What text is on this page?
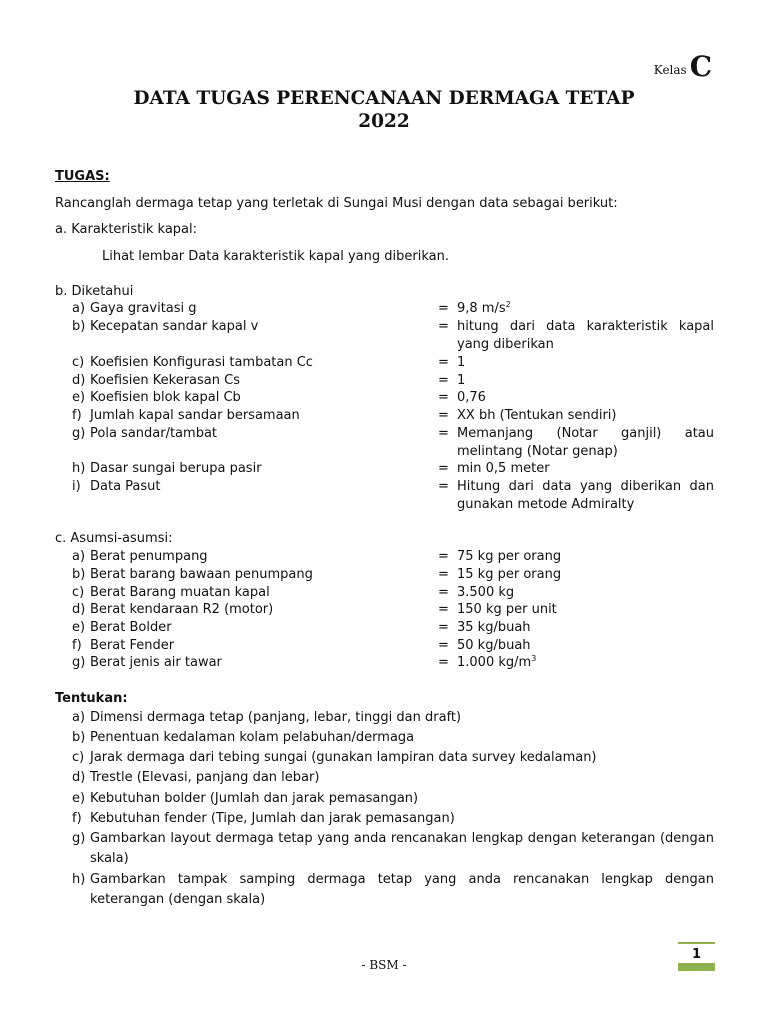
Kelas C
DATA TUGAS PERENCANAAN DERMAGA TETAP
2022
TUGAS:
Rancanglah dermaga tetap yang terletak di Sungai Musi dengan data sebagai berikut:
a. Karakteristik kapal:
Lihat lembar Data karakteristik kapal yang diberikan.
b. Diketahui
a) Gaya gravitasi g	= 9,8 $m/s^2$
b) Kecepatan sandar kapal v	= hitung dari data karakteristik kapal yang diberikan
c) Koefisien Konfigurasi tambatan Cc	= 1
d) Koefisien Kekerasan Cs	= 1
e) Koefisien blok kapal Cb	= 0,76
f) Jumlah kapal sandar bersamaan	= XX bh (Tentukan sendiri)
g) Pola sandar/tambat	= Memanjang (Notar ganjil) atau melintang (Notar genap)
h) Dasar sungai berupa pasir	= min 0,5 meter
i) Data Pasut	= Hitung dari data yang diberikan dan gunakan metode Admiralty
c. Asumsi-asumsi:
a) Berat penumpang	= 75 kg per orang
b) Berat barang bawaan penumpang	= 15 kg per orang
c) Berat Barang muatan kapal	= 3.500 kg
d) Berat kendaraan R2 (motor)	= 150 kg per unit
e) Berat Bolder	= 35 kg/buah
f) Berat Fender	= 50 kg/buah
g) Berat jenis air tawar	= 1.000 $kg/m^3$
Tentukan:
a) Dimensi dermaga tetap (panjang, lebar, tinggi dan draft)
b) Penentuan kedalaman kolam pelabuhan/dermaga
c) Jarak dermaga dari tebing sungai (gunakan lampiran data survey kedalaman)
d) Trestle (Elevasi, panjang dan lebar)
e) Kebutuhan bolder (Jumlah dan jarak pemasangan)
f) Kebutuhan fender (Tipe, Jumlah dan jarak pemasangan)
g) Gambarkan layout dermaga tetap yang anda rencanakan lengkap dengan keterangan (dengan skala)
h) Gambarkan tampak samping dermaga tetap yang anda rencanakan lengkap dengan keterangan (dengan skala)
- BSM -
1
